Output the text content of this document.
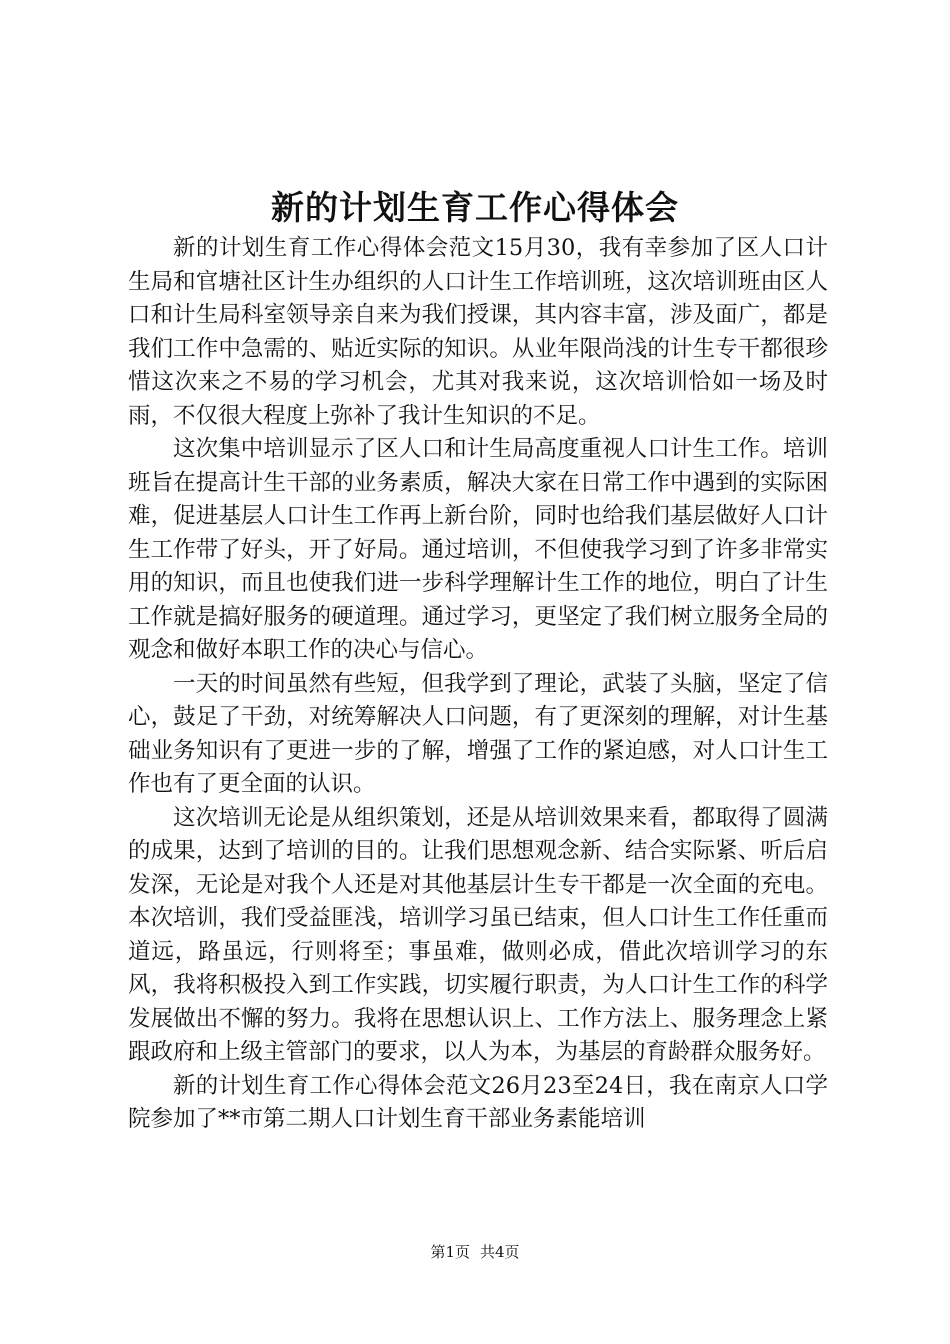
新的计划生育工作心得体会

新的计划生育工作心得体会范文15月30，我有幸参加了区人口计生局和官塘社区计生办组织的人口计生工作培训班，这次培训班由区人口和计生局科室领导亲自来为我们授课，其内容丰富，涉及面广，都是我们工作中急需的、贴近实际的知识。从业年限尚浅的计生专干都很珍惜这次来之不易的学习机会，尤其对我来说，这次培训恰如一场及时雨，不仅很大程度上弥补了我计生知识的不足。

这次集中培训显示了区人口和计生局高度重视人口计生工作。培训班旨在提高计生干部的业务素质，解决大家在日常工作中遇到的实际困难，促进基层人口计生工作再上新台阶，同时也给我们基层做好人口计生工作带了好头，开了好局。通过培训，不但使我学习到了许多非常实用的知识，而且也使我们进一步科学理解计生工作的地位，明白了计生工作就是搞好服务的硬道理。通过学习，更坚定了我们树立服务全局的观念和做好本职工作的决心与信心。

一天的时间虽然有些短，但我学到了理论，武装了头脑，坚定了信心，鼓足了干劲，对统筹解决人口问题，有了更深刻的理解，对计生基础业务知识有了更进一步的了解，增强了工作的紧迫感，对人口计生工作也有了更全面的认识。

这次培训无论是从组织策划，还是从培训效果来看，都取得了圆满的成果，达到了培训的目的。让我们思想观念新、结合实际紧、听后启发深，无论是对我个人还是对其他基层计生专干都是一次全面的充电。本次培训，我们受益匪浅，培训学习虽已结束，但人口计生工作任重而道远，路虽远，行则将至；事虽难，做则必成，借此次培训学习的东风，我将积极投入到工作实践，切实履行职责，为人口计生工作的科学发展做出不懈的努力。我将在思想认识上、工作方法上、服务理念上紧跟政府和上级主管部门的要求，以人为本，为基层的育龄群众服务好。

新的计划生育工作心得体会范文26月23至24日，我在南京人口学院参加了**市第二期人口计划生育干部业务素能培训

第1页 共4页
